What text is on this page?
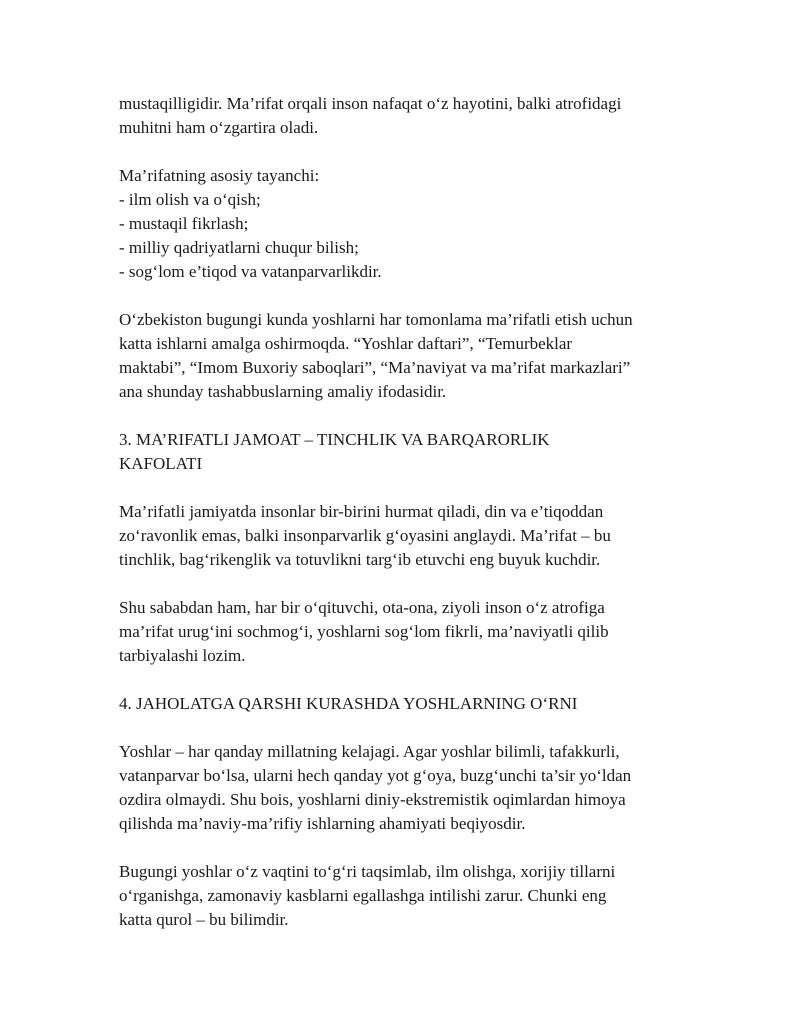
mustaqilligidir. Ma’rifat orqali inson nafaqat o‘z hayotini, balki atrofidagi
muhitni ham o‘zgartira oladi.
Ma’rifatning asosiy tayanchi:
- ilm olish va o‘qish;
- mustaqil fikrlash;
- milliy qadriyatlarni chuqur bilish;
- sog‘lom e’tiqod va vatanparvarlikdir.
O‘zbekiston bugungi kunda yoshlarni har tomonlama ma’rifatli etish uchun
katta ishlarni amalga oshirmoqda. “Yoshlar daftari”, “Temurbeklar
maktabi”, “Imom Buxoriy saboqlari”, “Ma’naviyat va ma’rifat markazlari”
ana shunday tashabbuslarning amaliy ifodasidir.
3. MA’RIFATLI JAMOAT – TINCHLIK VA BARQARORLIK
KAFOLATI
Ma’rifatli jamiyatda insonlar bir-birini hurmat qiladi, din va e’tiqoddan
zo‘ravonlik emas, balki insonparvarlik g‘oyasini anglaydi. Ma’rifat – bu
tinchlik, bag‘rikenglik va totuvlikni targ‘ib etuvchi eng buyuk kuchdir.
Shu sababdan ham, har bir o‘qituvchi, ota-ona, ziyoli inson o‘z atrofiga
ma’rifat urug‘ini sochmog‘i, yoshlarni sog‘lom fikrli, ma’naviyatli qilib
tarbiyalashi lozim.
4. JAHOLATGA QARSHI KURASHDA YOSHLARNING O‘RNI
Yoshlar – har qanday millatning kelajagi. Agar yoshlar bilimli, tafakkurli,
vatanparvar bo‘lsa, ularni hech qanday yot g‘oya, buzg‘unchi ta’sir yo‘ldan
ozdira olmaydi. Shu bois, yoshlarni diniy-ekstremistik oqimlardan himoya
qilishda ma’naviy-ma’rifiy ishlarning ahamiyati beqiyosdir.
Bugungi yoshlar o‘z vaqtini to‘g‘ri taqsimlab, ilm olishga, xorijiy tillarni
o‘rganishga, zamonaviy kasblarni egallashga intilishi zarur. Chunki eng
katta qurol – bu bilimdir.
